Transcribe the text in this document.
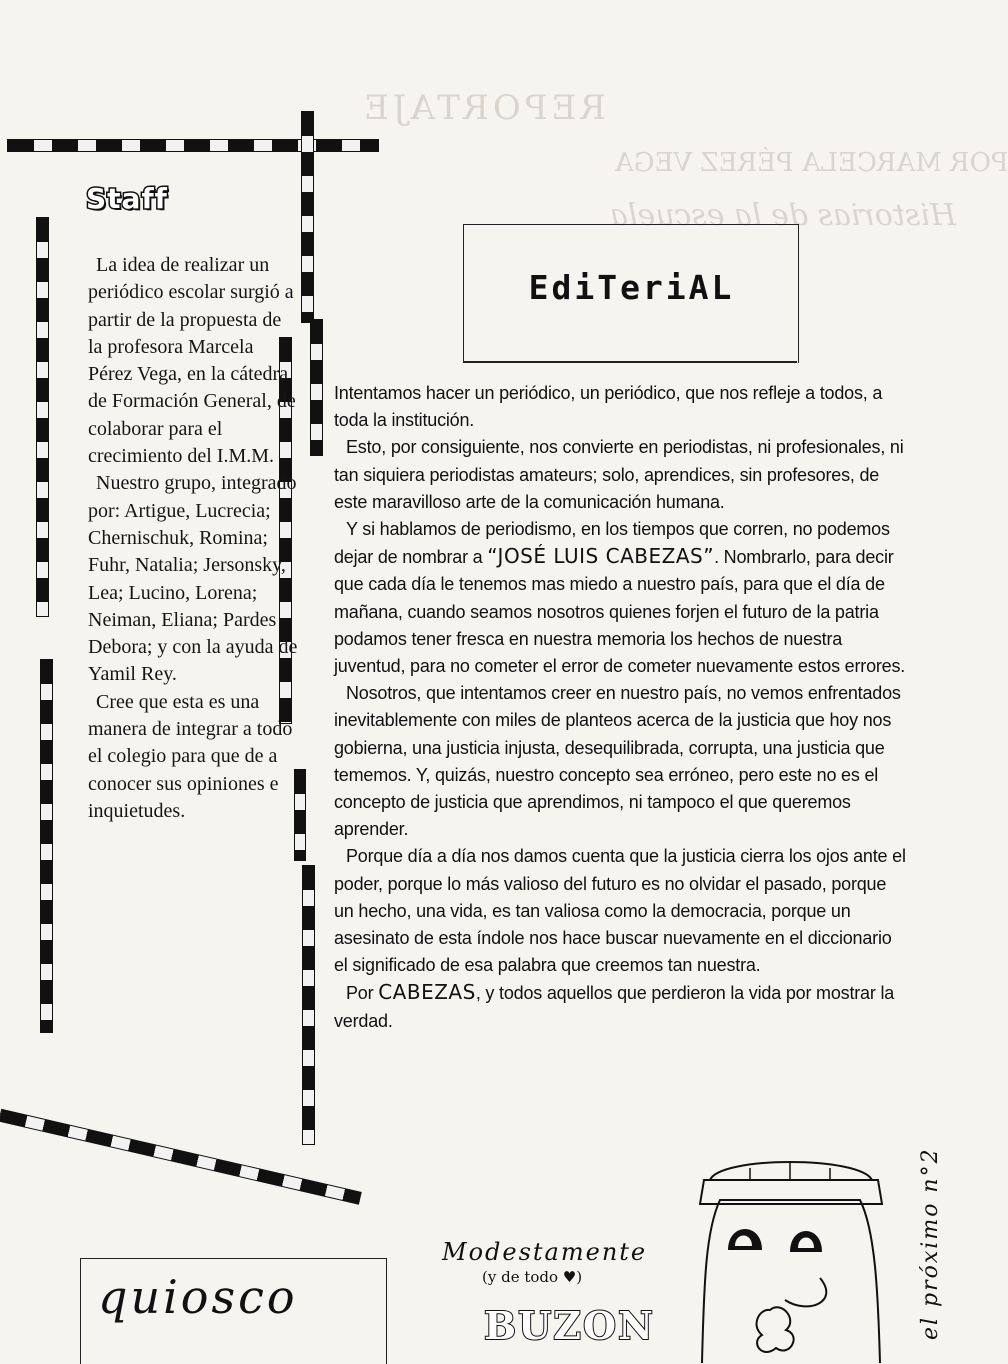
REPORTAJE
POR MARCELA PÉREZ VEGA
Historias de la escuela
Staff

La idea de realizar un periódico escolar surgió a partir de la propuesta de la profesora Marcela Pérez Vega, en la cátedra de Formación General, de colaborar para el crecimiento del I.M.M.

Nuestro grupo, integrado por: Artigue, Lucrecia; Chernischuk, Romina; Fuhr, Natalia; Jersonsky, Lea; Lucino, Lorena; Neiman, Eliana; Pardes Debora; y con la ayuda de Yamil Rey.

Cree que esta es una manera de integrar a todo el colegio para que de a conocer sus opiniones e inquietudes.

EdiTeriAL

Intentamos hacer un periódico, un periódico, que nos refleje a todos, a toda la institución.

Esto, por consiguiente, nos convierte en periodistas, ni profesionales, ni tan siquiera periodistas amateurs; solo, aprendices, sin profesores, de este maravilloso arte de la comunicación humana.

Y si hablamos de periodismo, en los tiempos que corren, no podemos dejar de nombrar a “JOSÉ LUIS CABEZAS”. Nombrarlo, para decir que cada día le tenemos mas miedo a nuestro país, para que el día de mañana, cuando seamos nosotros quienes forjen el futuro de la patria podamos tener fresca en nuestra memoria los hechos de nuestra juventud, para no cometer el error de cometer nuevamente estos errores.

Nosotros, que intentamos creer en nuestro país, no vemos enfrentados inevitablemente con miles de planteos acerca de la justicia que hoy nos gobierna, una justicia injusta, desequilibrada, corrupta, una justicia que tememos. Y, quizás, nuestro concepto sea erróneo, pero este no es el concepto de justicia que aprendimos, ni tampoco el que queremos aprender.

Porque día a día nos damos cuenta que la justicia cierra los ojos ante el poder, porque lo más valioso del futuro es no olvidar el pasado, porque un hecho, una vida, es tan valiosa como la democracia, porque un asesinato de esta índole nos hace buscar nuevamente en el diccionario el significado de esa palabra que creemos tan nuestra.

Por CABEZAS, y todos aquellos que perdieron la vida por mostrar la verdad.

quiosco
Modestamente
(y de todo ♥)
BUZON	el próximo n°2
